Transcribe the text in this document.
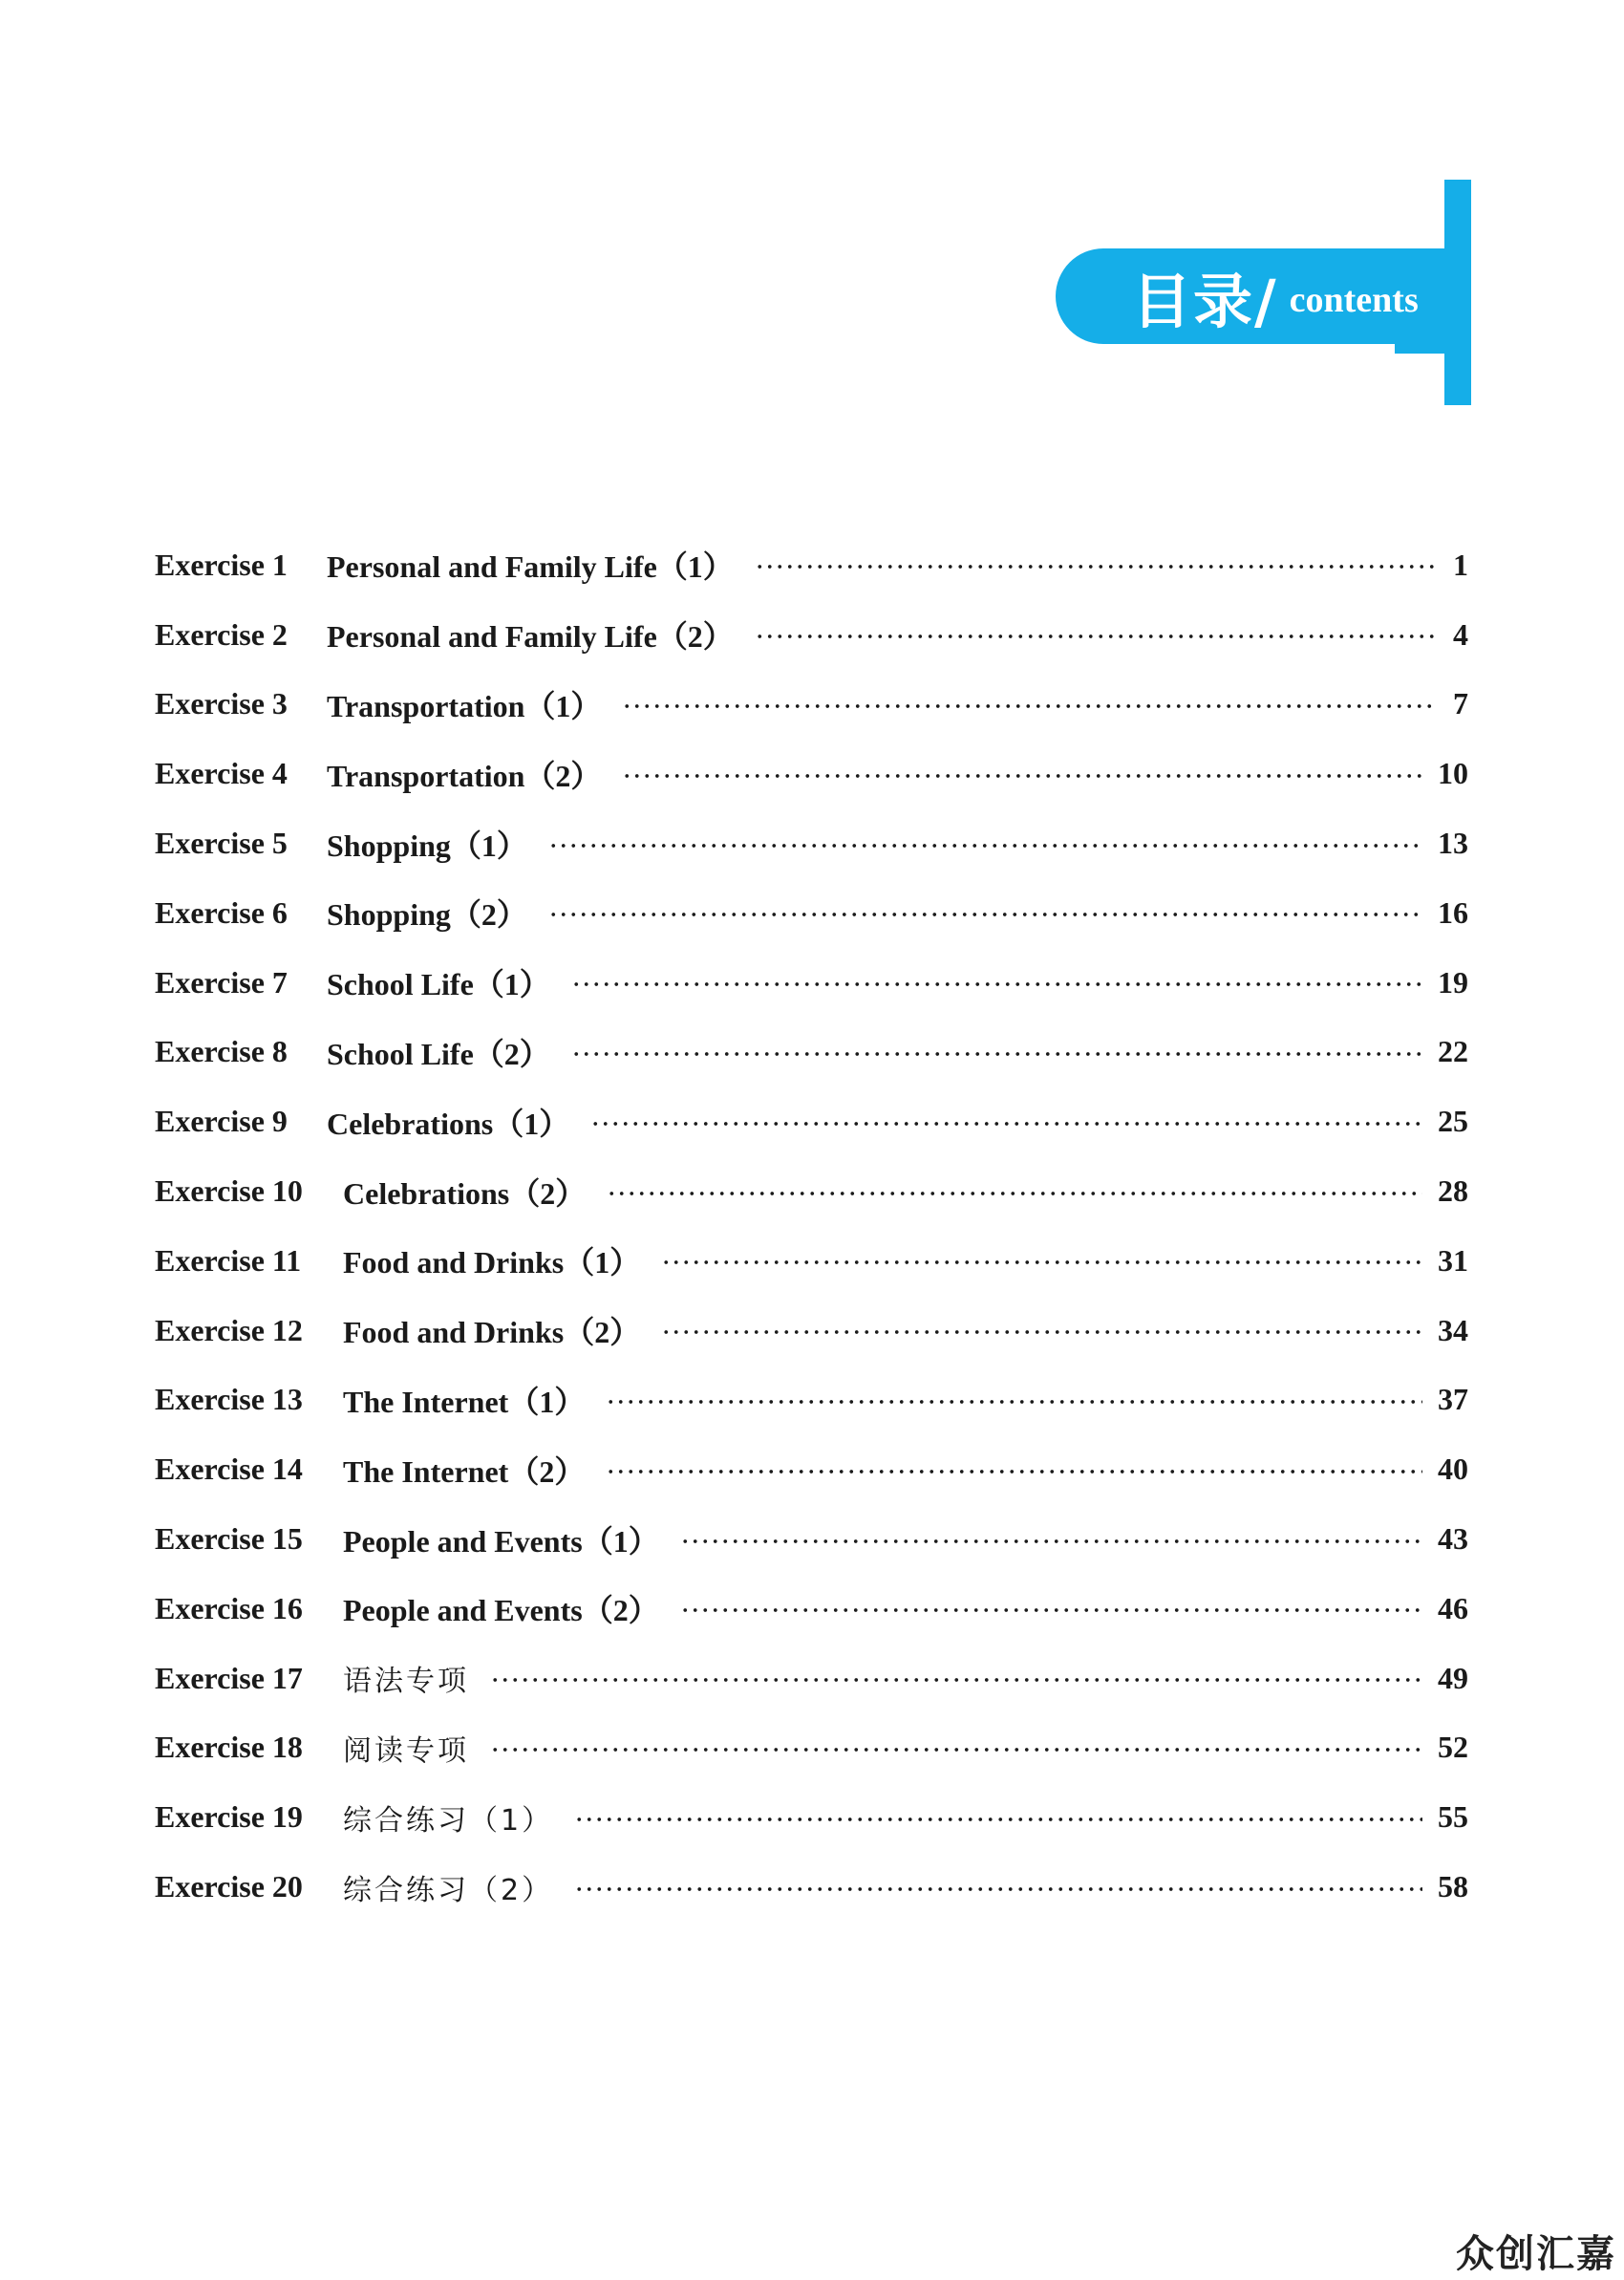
目录/ contents
Exercise 1	Personal and Family Life（1）	1
Exercise 2	Personal and Family Life（2）	4
Exercise 3	Transportation（1）	7
Exercise 4	Transportation（2）	10
Exercise 5	Shopping（1）	13
Exercise 6	Shopping（2）	16
Exercise 7	School Life（1）	19
Exercise 8	School Life（2）	22
Exercise 9	Celebrations（1）	25
Exercise 10	Celebrations（2）	28
Exercise 11	Food and Drinks（1）	31
Exercise 12	Food and Drinks（2）	34
Exercise 13	The Internet（1）	37
Exercise 14	The Internet（2）	40
Exercise 15	People and Events（1）	43
Exercise 16	People and Events（2）	46
Exercise 17	语法专项	49
Exercise 18	阅读专项	52
Exercise 19	综合练习（1）	55
Exercise 20	综合练习（2）	58
众创汇嘉
